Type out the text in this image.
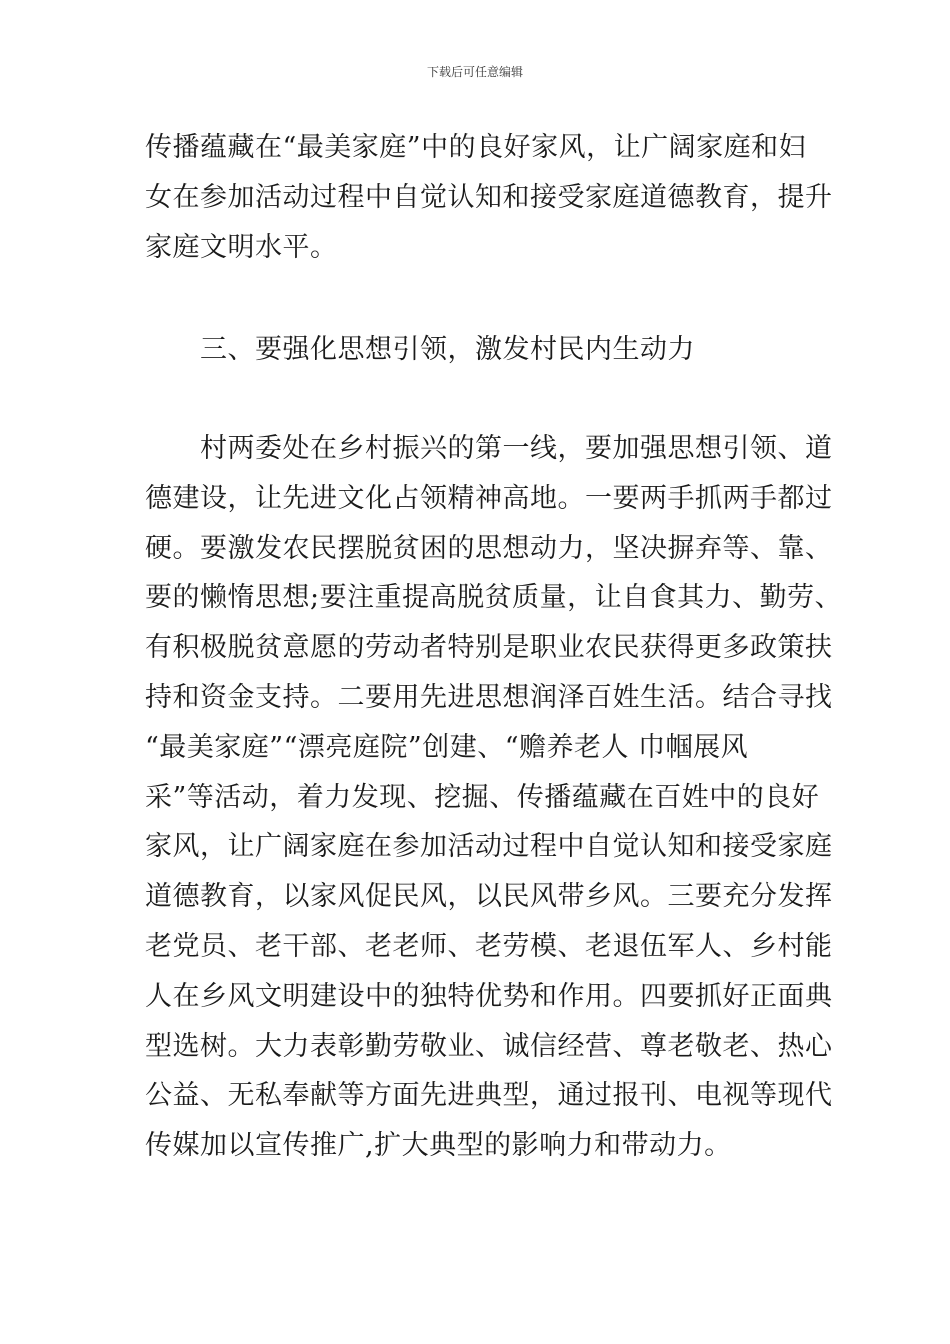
下载后可任意编辑

传播蕴藏在“最美家庭”中的良好家风，让广阔家庭和妇
女在参加活动过程中自觉认知和接受家庭道德教育，提升
家庭文明水平。

　　三、要强化思想引领，激发村民内生动力

　　村两委处在乡村振兴的第一线，要加强思想引领、道
德建设，让先进文化占领精神高地。一要两手抓两手都过
硬。要激发农民摆脱贫困的思想动力，坚决摒弃等、靠、
要的懒惰思想;要注重提高脱贫质量，让自食其力、勤劳、
有积极脱贫意愿的劳动者特别是职业农民获得更多政策扶
持和资金支持。二要用先进思想润泽百姓生活。结合寻找
“最美家庭”“漂亮庭院”创建、“赡养老人 巾帼展风
采”等活动，着力发现、挖掘、传播蕴藏在百姓中的良好
家风，让广阔家庭在参加活动过程中自觉认知和接受家庭
道德教育，以家风促民风，以民风带乡风。三要充分发挥
老党员、老干部、老老师、老劳模、老退伍军人、乡村能
人在乡风文明建设中的独特优势和作用。四要抓好正面典
型选树。大力表彰勤劳敬业、诚信经营、尊老敬老、热心
公益、无私奉献等方面先进典型，通过报刊、电视等现代
传媒加以宣传推广,扩大典型的影响力和带动力。
